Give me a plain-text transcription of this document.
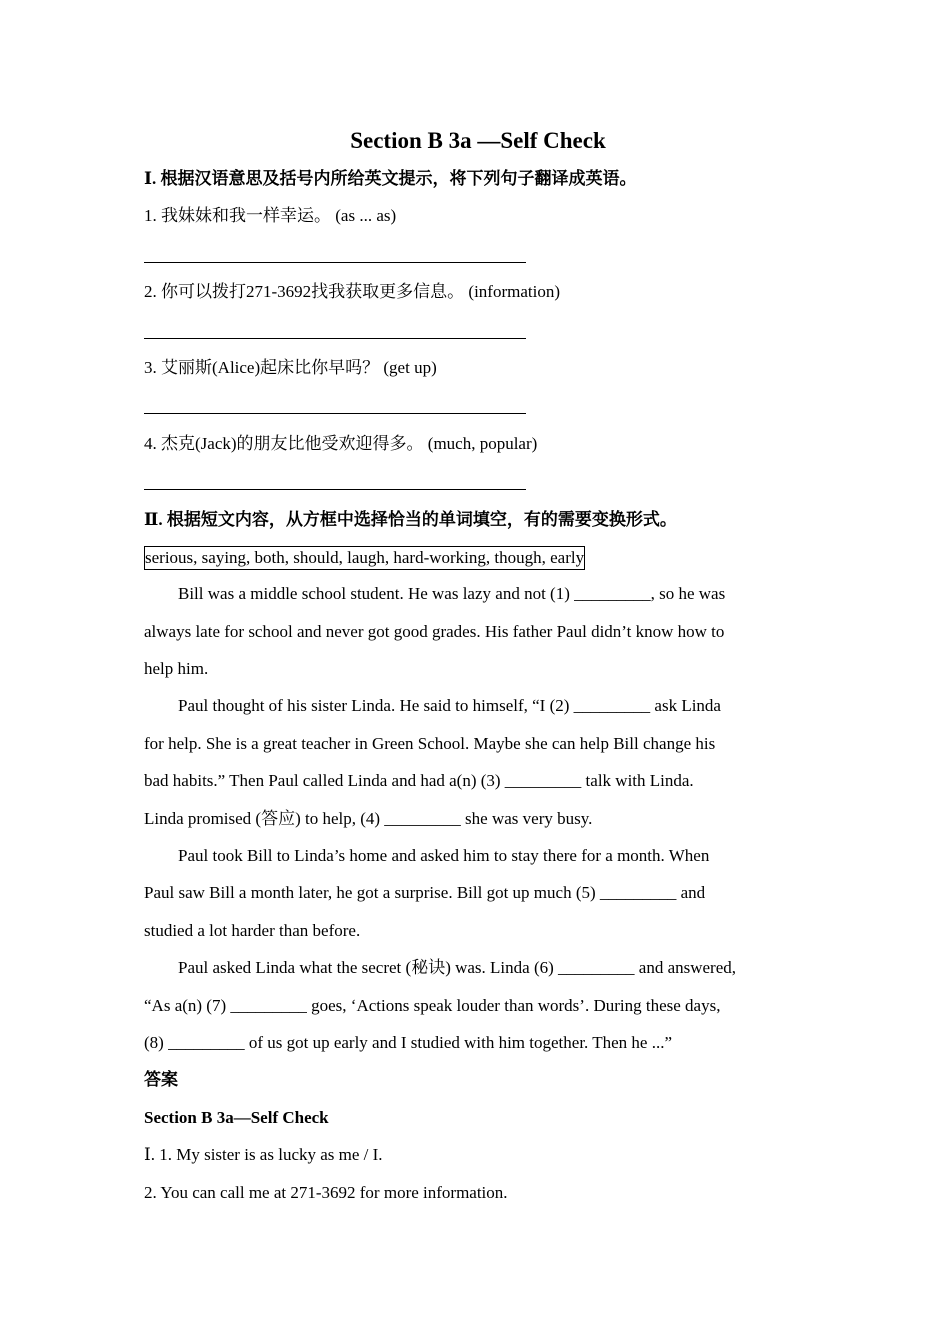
Section B 3a —Self Check
Ⅰ. 根据汉语意思及括号内所给英文提示，将下列句子翻译成英语。
1. 我妹妹和我一样幸运。 (as ... as)
2. 你可以拨打271-3692找我获取更多信息。 (information)
3. 艾丽斯(Alice)起床比你早吗？ (get up)
4. 杰克(Jack)的朋友比他受欢迎得多。 (much, popular)
Ⅱ. 根据短文内容，从方框中选择恰当的单词填空，有的需要变换形式。
serious, saying, both, should, laugh, hard-working, though, early
Bill was a middle school student. He was lazy and not (1) _________, so he was
always late for school and never got good grades. His father Paul didn’t know how to
help him.
Paul thought of his sister Linda. He said to himself, “I (2) _________ ask Linda
for help. She is a great teacher in Green School. Maybe she can help Bill change his
bad habits.” Then Paul called Linda and had a(n) (3) _________ talk with Linda.
Linda promised (答应) to help, (4) _________ she was very busy.
Paul took Bill to Linda’s home and asked him to stay there for a month. When
Paul saw Bill a month later, he got a surprise. Bill got up much (5) _________ and
studied a lot harder than before.
Paul asked Linda what the secret (秘诀) was. Linda (6) _________ and answered,
“As a(n) (7) _________ goes, ‘Actions speak louder than words’. During these days,
(8) _________ of us got up early and I studied with him together. Then he ...”
答案
Section B 3a—Self Check
Ⅰ. 1. My sister is as lucky as me / I.
2. You can call me at 271-3692 for more information.
